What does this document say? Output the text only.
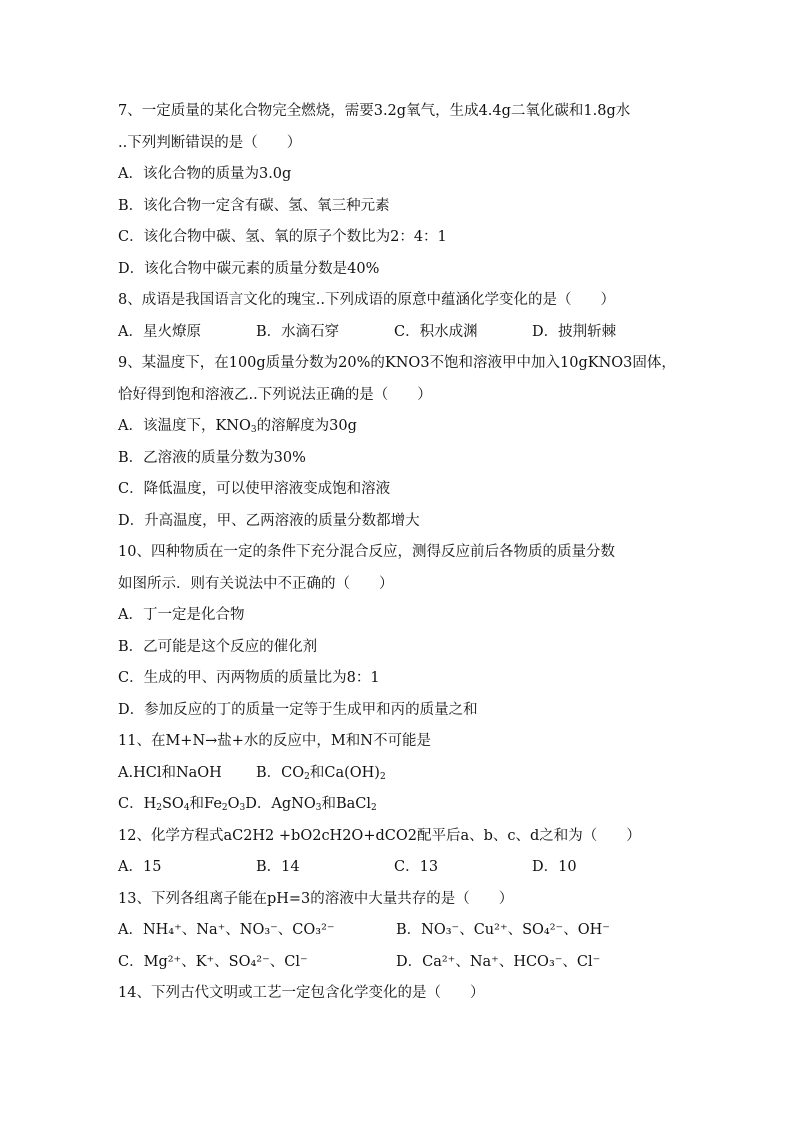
7、一定质量的某化合物完全燃烧，需要3.2g氧气，生成4.4g二氧化碳和1.8g水
..下列判断错误的是（　　）
A．该化合物的质量为3.0g
B．该化合物一定含有碳、氢、氧三种元素
C．该化合物中碳、氢、氧的原子个数比为2：4：1
D．该化合物中碳元素的质量分数是40%
8、成语是我国语言文化的瑰宝..下列成语的原意中蕴涵化学变化的是（　　）
A．星火燎原	B．水滴石穿	C．积水成渊	D．披荆斩棘
9、某温度下，在100g质量分数为20%的KNO3不饱和溶液甲中加入10gKNO3固体，
恰好得到饱和溶液乙..下列说法正确的是（　　）
A．该温度下，$KNO_3$的溶解度为30g
B．乙溶液的质量分数为30%
C．降低温度，可以使甲溶液变成饱和溶液
D．升高温度，甲、乙两溶液的质量分数都增大
10、四种物质在一定的条件下充分混合反应，测得反应前后各物质的质量分数
如图所示．则有关说法中不正确的（　　）
A．丁一定是化合物
B．乙可能是这个反应的催化剂
C．生成的甲、丙两物质的质量比为8：1
D．参加反应的丁的质量一定等于生成甲和丙的质量之和
11、在M+N→盐+水的反应中，M和N不可能是
A.HCl和NaOH	B．$CO_2$和$Ca(OH)_2$
C．$H_2SO_4$和$Fe_2O_3D$．AgNO$_3$和BaCl$_2$
12、化学方程式aC2H2 +bO2cH2O+dCO2配平后a、b、c、d之和为（　　）
A．15	B．14	C．13	D．10
13、下列各组离子能在pH=3的溶液中大量共存的是（　　）
A．NH₄⁺、Na⁺、NO₃⁻、CO₃²⁻	B．NO₃⁻、Cu²⁺、SO₄²⁻、OH⁻
C．Mg²⁺、K⁺、SO₄²⁻、Cl⁻	D．Ca²⁺、Na⁺、HCO₃⁻、Cl⁻
14、下列古代文明或工艺一定包含化学变化的是（　　）
